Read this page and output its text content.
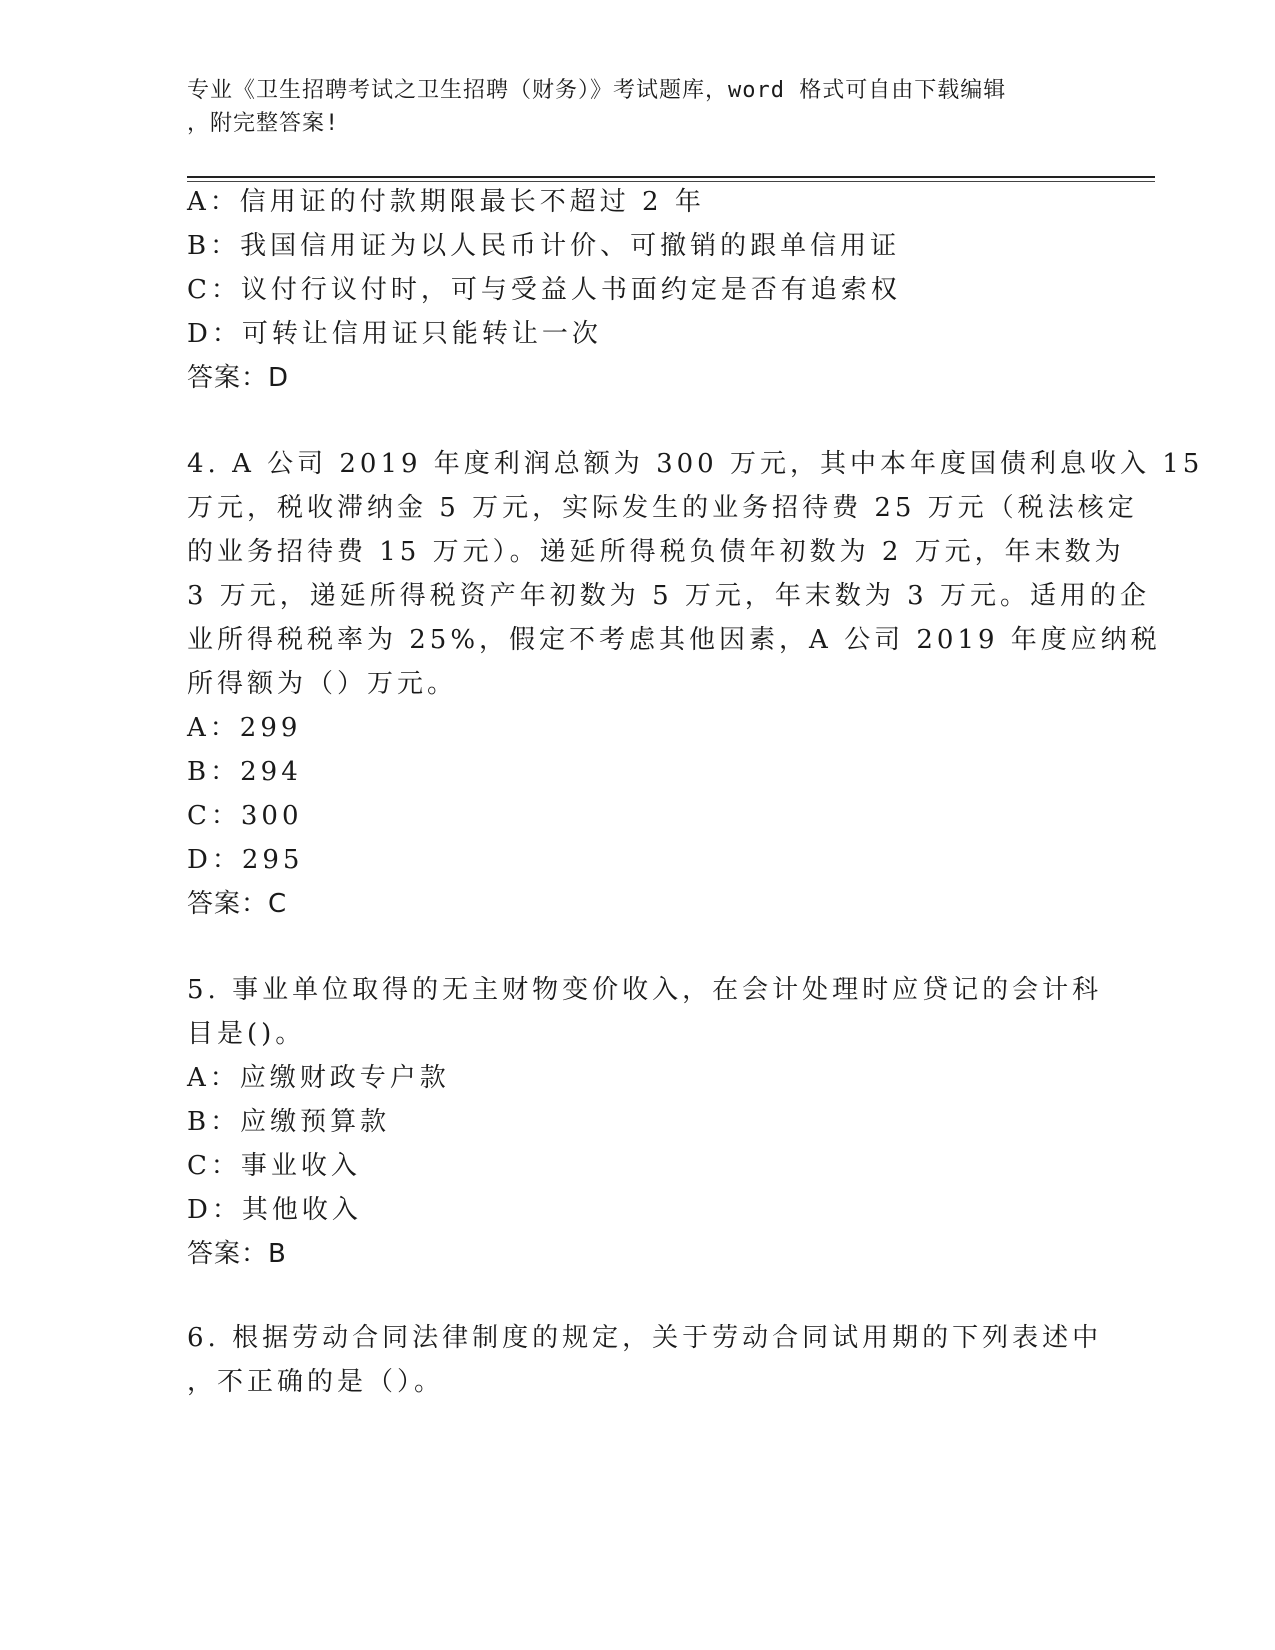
专业《卫生招聘考试之卫生招聘（财务）》考试题库，word 格式可自由下载编辑
，附完整答案!
A：信用证的付款期限最长不超过 2 年
B：我国信用证为以人民币计价、可撤销的跟单信用证
C：议付行议付时，可与受益人书面约定是否有追索权
D：可转让信用证只能转让一次
答案：D
4. A 公司 2019 年度利润总额为 300 万元，其中本年度国债利息收入 15
万元，税收滞纳金 5 万元，实际发生的业务招待费 25 万元（税法核定
的业务招待费 15 万元）。递延所得税负债年初数为 2 万元，年末数为
3 万元，递延所得税资产年初数为 5 万元，年末数为 3 万元。适用的企
业所得税税率为 25%，假定不考虑其他因素，A 公司 2019 年度应纳税
所得额为（）万元。
A：299
B：294
C：300
D：295
答案：C
5. 事业单位取得的无主财物变价收入，在会计处理时应贷记的会计科
目是()。
A：应缴财政专户款
B：应缴预算款
C：事业收入
D：其他收入
答案：B
6. 根据劳动合同法律制度的规定，关于劳动合同试用期的下列表述中
，不正确的是（）。
